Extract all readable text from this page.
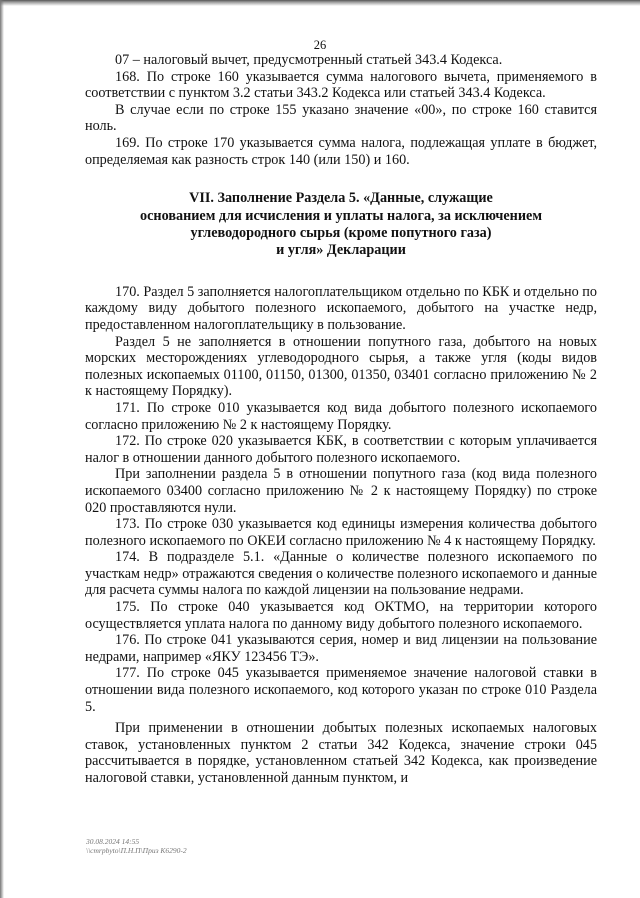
26

07 – налоговый вычет, предусмотренный статьей 343.4 Кодекса.

168. По строке 160 указывается сумма налогового вычета, применяемого в соответствии с пунктом 3.2 статьи 343.2 Кодекса или статьей 343.4 Кодекса.

В случае если по строке 155 указано значение «00», по строке 160 ставится ноль.

169. По строке 170 указывается сумма налога, подлежащая уплате в бюджет, определяемая как разность строк 140 (или 150) и 160.

VII. Заполнение Раздела 5. «Данные, служащие
основанием для исчисления и уплаты налога, за исключением
углеводородного сырья (кроме попутного газа)
и угля» Декларации

170. Раздел 5 заполняется налогоплательщиком отдельно по КБК и отдельно по каждому виду добытого полезного ископаемого, добытого на участке недр, предоставленном налогоплательщику в пользование.

Раздел 5 не заполняется в отношении попутного газа, добытого на новых морских месторождениях углеводородного сырья, а также угля (коды видов полезных ископаемых 01100, 01150, 01300, 01350, 03401 согласно приложению № 2 к настоящему Порядку).

171. По строке 010 указывается код вида добытого полезного ископаемого согласно приложению № 2 к настоящему Порядку.

172. По строке 020 указывается КБК, в соответствии с которым уплачивается налог в отношении данного добытого полезного ископаемого.

При заполнении раздела 5 в отношении попутного газа (код вида полезного ископаемого 03400 согласно приложению № 2 к настоящему Порядку) по строке 020 проставляются нули.

173. По строке 030 указывается код единицы измерения количества добытого полезного ископаемого по ОКЕИ согласно приложению № 4 к настоящему Порядку.

174. В подразделе 5.1. «Данные о количестве полезного ископаемого по участкам недр» отражаются сведения о количестве полезного ископаемого и данные для расчета суммы налога по каждой лицензии на пользование недрами.

175. По строке 040 указывается код ОКТМО, на территории которого осуществляется уплата налога по данному виду добытого полезного ископаемого.

176. По строке 041 указываются серия, номер и вид лицензии на пользование недрами, например «ЯКУ 123456 ТЭ».

177. По строке 045 указывается применяемое значение налоговой ставки в отношении вида полезного ископаемого, код которого указан по строке 010 Раздела 5.

При применении в отношении добытых полезных ископаемых налоговых ставок, установленных пунктом 2 статьи 342 Кодекса, значение строки 045 рассчитывается в порядке, установленном статьей 342 Кодекса, как произведение налоговой ставки, установленной данным пунктом, и

30.08.2024 14:55
\\cmrpbyto\П.Н.П\Приз К6290-2
